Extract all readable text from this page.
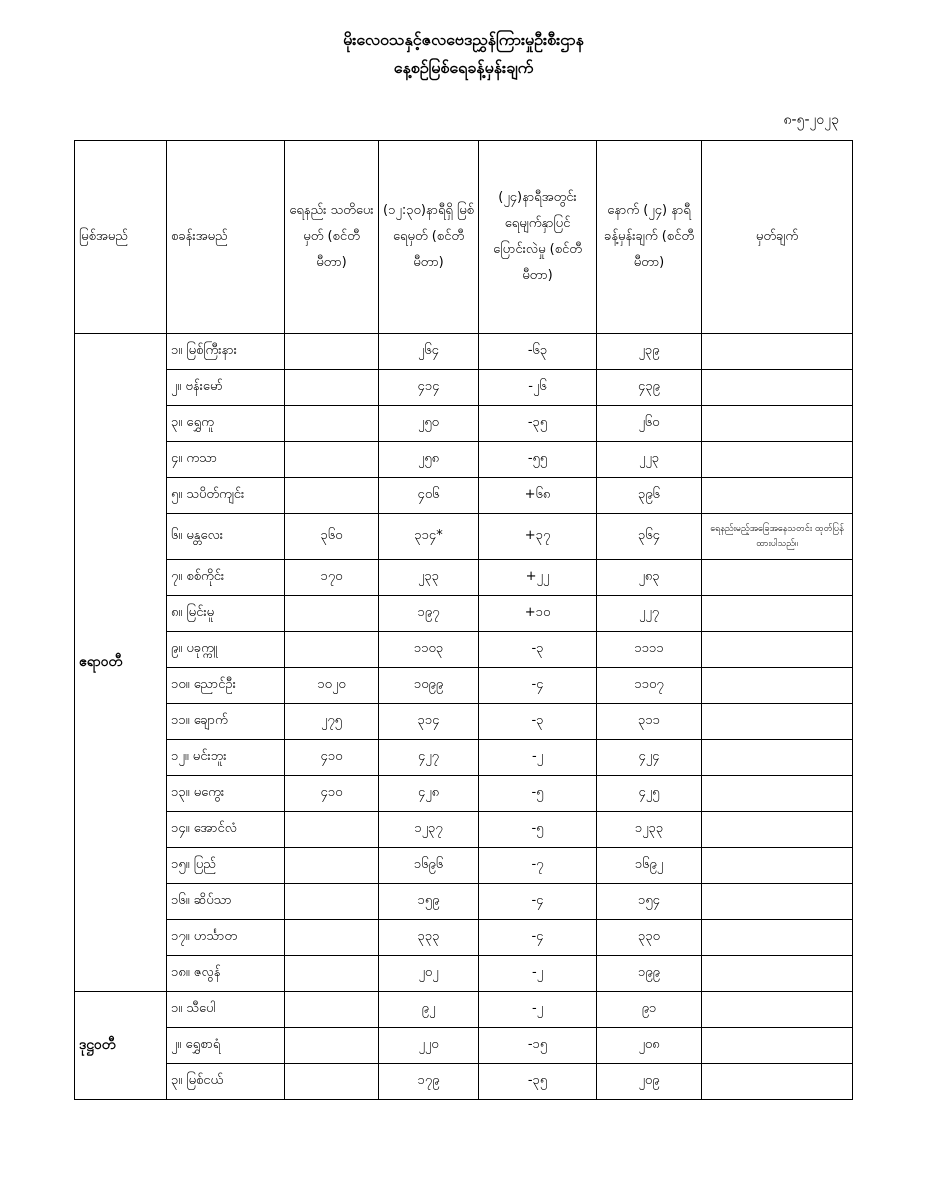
မိုးလေဝသနှင့်ဇလဗေဒညွှန်ကြားမှုဦးစီးဌာန
နေ့စဉ်မြစ်ရေခန့်မှန်းချက်
၈-၅-၂၀၂၃
မြစ်အမည်	စခန်းအမည်	ရေနည်း သတိပေးမှတ် (စင်တီမီတာ)	(၁၂:၃၀)နာရီရှိ မြစ်ရေမှတ် (စင်တီမီတာ)	(၂၄)နာရီအတွင်း ရေမျက်နှာပြင် ပြောင်းလဲမှု (စင်တီမီတာ)	နောက် (၂၄) နာရီ ခန့်မှန်းချက် (စင်တီမီတာ)	မှတ်ချက်
ဧရာဝတီ	၁။ မြစ်ကြီးနား		၂၆၄	-၆၃	၂၃၉	
	၂။ ဗန်းမော်		၄၁၄	-၂၆	၄၃၉	
	၃။ ရွှေကူ		၂၅၀	-၃၅	၂၆၀	
	၄။ ကသာ		၂၅၈	-၅၅	၂၂၃	
	၅။ သပိတ်ကျင်း		၄၀၆	+၆၈	၃၉၆	
	၆။ မန္တလေး	၃၆၀	၃၁၄*	+၃၇	၃၆၄	ရေနည်းမည့်အခြေအနေသတင်း ထုတ်ပြန်ထားပါသည်။
	၇။ စစ်ကိုင်း	၁၇၀	၂၃၃	+၂၂	၂၈၃	
	၈။ မြင်းမူ		၁၉၇	+၁၀	၂၂၇	
	၉။ ပခုက္ကူ		၁၁၀၃	-၃	၁၁၁၁	
	၁၀။ ညောင်ဦး	၁၀၂၀	၁၀၉၉	-၄	၁၁၀၇	
	၁၁။ ချောက်	၂၇၅	၃၁၄	-၃	၃၁၁	
	၁၂။ မင်းဘူး	၄၁၀	၄၂၇	-၂	၄၂၄	
	၁၃။ မကွေး	၄၁၀	၄၂၈	-၅	၄၂၅	
	၁၄။ အောင်လံ		၁၂၃၇	-၅	၁၂၃၃	
	၁၅။ ပြည်		၁၆၉၆	-၇	၁၆၉၂	
	၁၆။ ဆိပ်သာ		၁၅၉	-၄	၁၅၄	
	၁၇။ ဟင်္သာတ		၃၃၃	-၄	၃၃၀	
	၁၈။ ဇလွန်		၂၀၂	-၂	၁၉၉	
ဒုဋ္ဌဝတီ	၁။ သီပေါ		၉၂	-၂	၉၁	
	၂။ ရွှေစာရံ		၂၂၀	-၁၅	၂၀၈	
	၃။ မြစ်ငယ်		၁၇၉	-၃၅	၂၀၉	
